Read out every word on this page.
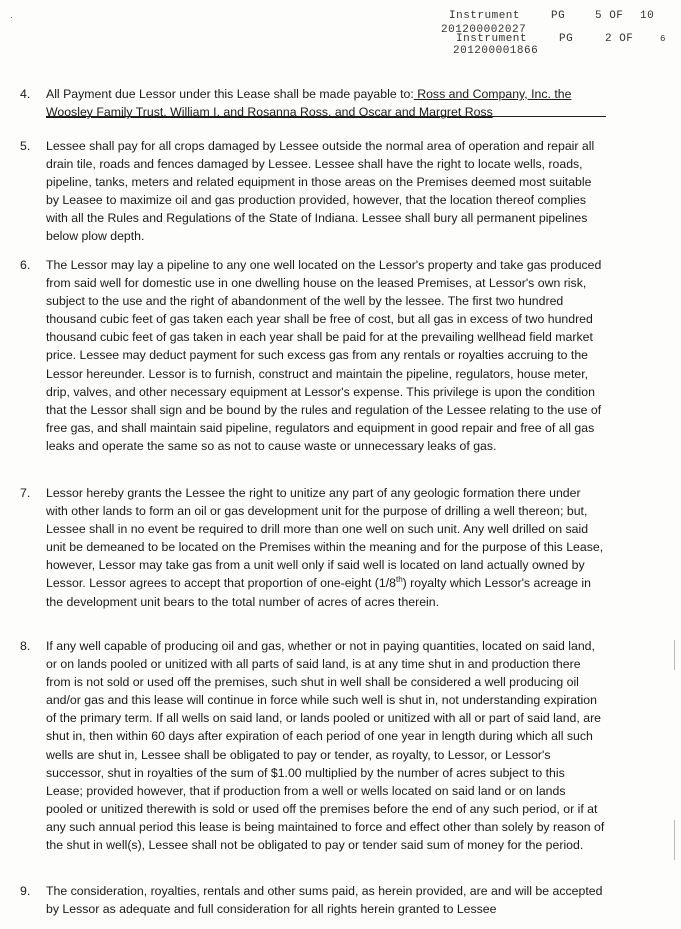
Instrument	PG	5 OF 10
201200002027
Instrument	PG	2 OF	6
201200001866
·
4. All Payment due Lessor under this Lease shall be made payable to: Ross and Company, Inc. the Woosley Family Trust, William I. and Rosanna Ross, and Oscar and Margret Ross
5. Lessee shall pay for all crops damaged by Lessee outside the normal area of operation and repair all drain tile, roads and fences damaged by Lessee. Lessee shall have the right to locate wells, roads, pipeline, tanks, meters and related equipment in those areas on the Premises deemed most suitable by Leasee to maximize oil and gas production provided, however, that the location thereof complies with all the Rules and Regulations of the State of Indiana. Lessee shall bury all permanent pipelines below plow depth.
6. The Lessor may lay a pipeline to any one well located on the Lessor's property and take gas produced from said well for domestic use in one dwelling house on the leased Premises, at Lessor's own risk, subject to the use and the right of abandonment of the well by the lessee. The first two hundred thousand cubic feet of gas taken each year shall be free of cost, but all gas in excess of two hundred thousand cubic feet of gas taken in each year shall be paid for at the prevailing wellhead field market price. Lessee may deduct payment for such excess gas from any rentals or royalties accruing to the Lessor hereunder. Lessor is to furnish, construct and maintain the pipeline, regulators, house meter, drip, valves, and other necessary equipment at Lessor's expense. This privilege is upon the condition that the Lessor shall sign and be bound by the rules and regulation of the Lessee relating to the use of free gas, and shall maintain said pipeline, regulators and equipment in good repair and free of all gas leaks and operate the same so as not to cause waste or unnecessary leaks of gas.
7. Lessor hereby grants the Lessee the right to unitize any part of any geologic formation there under with other lands to form an oil or gas development unit for the purpose of drilling a well thereon; but, Lessee shall in no event be required to drill more than one well on such unit. Any well drilled on said unit be demeaned to be located on the Premises within the meaning and for the purpose of this Lease, however, Lessor may take gas from a unit well only if said well is located on land actually owned by Lessor. Lessor agrees to accept that proportion of one-eight (1/8th) royalty which Lessor's acreage in the development unit bears to the total number of acres of acres therein.
8. If any well capable of producing oil and gas, whether or not in paying quantities, located on said land, or on lands pooled or unitized with all parts of said land, is at any time shut in and production there from is not sold or used off the premises, such shut in well shall be considered a well producing oil and/or gas and this lease will continue in force while such well is shut in, not understanding expiration of the primary term. If all wells on said land, or lands pooled or unitized with all or part of said land, are shut in, then within 60 days after expiration of each period of one year in length during which all such wells are shut in, Lessee shall be obligated to pay or tender, as royalty, to Lessor, or Lessor's successor, shut in royalties of the sum of $1.00 multiplied by the number of acres subject to this Lease; provided however, that if production from a well or wells located on said land or on lands pooled or unitized therewith is sold or used off the premises before the end of any such period, or if at any such annual period this lease is being maintained to force and effect other than solely by reason of the shut in well(s), Lessee shall not be obligated to pay or tender said sum of money for the period.
9. The consideration, royalties, rentals and other sums paid, as herein provided, are and will be accepted by Lessor as adequate and full consideration for all rights herein granted to Lessee
